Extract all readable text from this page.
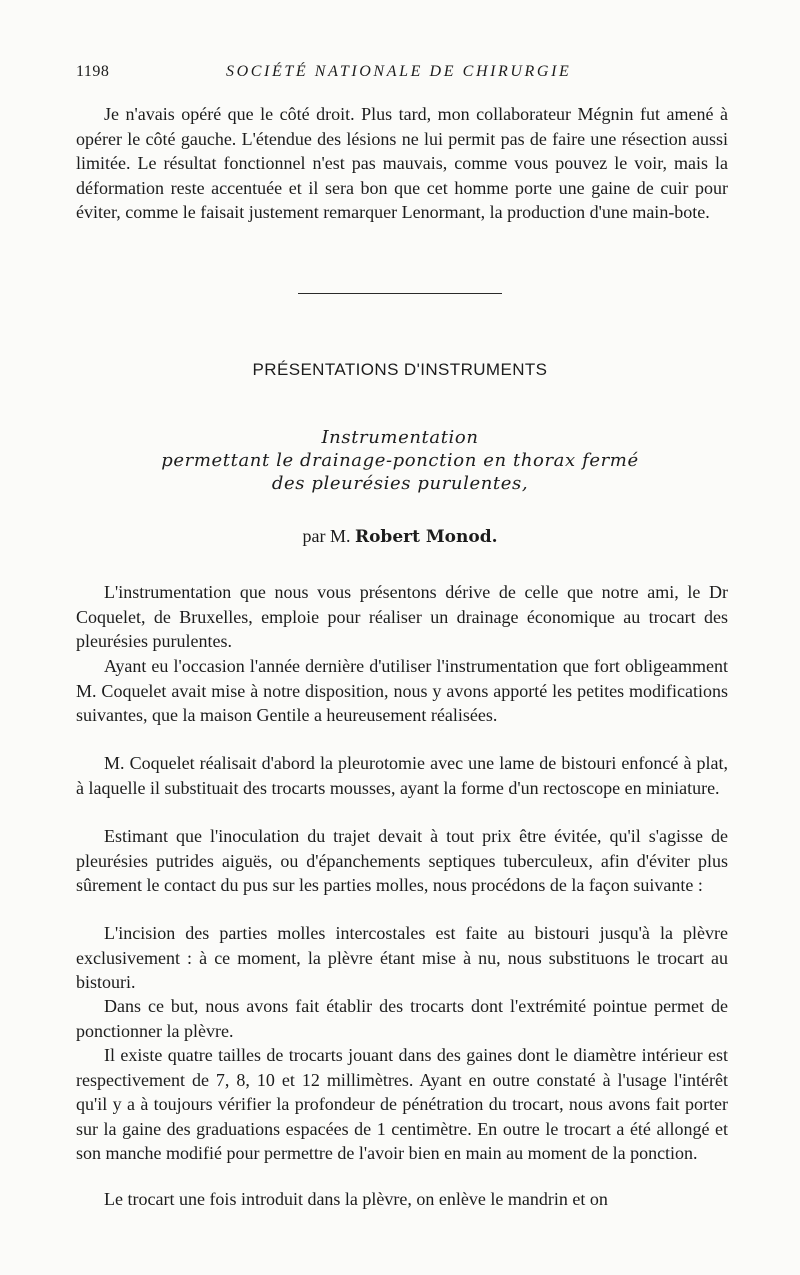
1198	SOCIÉTÉ NATIONALE DE CHIRURGIE

Je n'avais opéré que le côté droit. Plus tard, mon collaborateur Mégnin fut amené à opérer le côté gauche. L'étendue des lésions ne lui permit pas de faire une résection aussi limitée. Le résultat fonctionnel n'est pas mauvais, comme vous pouvez le voir, mais la déformation reste accentuée et il sera bon que cet homme porte une gaine de cuir pour éviter, comme le faisait justement remarquer Lenormant, la production d'une main-bote.

PRÉSENTATIONS D'INSTRUMENTS
Instrumentation
permettant le drainage-ponction en thorax fermé
des pleurésies purulentes,
par M. Robert Monod.

L'instrumentation que nous vous présentons dérive de celle que notre ami, le Dr Coquelet, de Bruxelles, emploie pour réaliser un drainage économique au trocart des pleurésies purulentes.

Ayant eu l'occasion l'année dernière d'utiliser l'instrumentation que fort obligeamment M. Coquelet avait mise à notre disposition, nous y avons apporté les petites modifications suivantes, que la maison Gentile a heureusement réalisées.

M. Coquelet réalisait d'abord la pleurotomie avec une lame de bistouri enfoncé à plat, à laquelle il substituait des trocarts mousses, ayant la forme d'un rectoscope en miniature.

Estimant que l'inoculation du trajet devait à tout prix être évitée, qu'il s'agisse de pleurésies putrides aiguës, ou d'épanchements septiques tuberculeux, afin d'éviter plus sûrement le contact du pus sur les parties molles, nous procédons de la façon suivante :

L'incision des parties molles intercostales est faite au bistouri jusqu'à la plèvre exclusivement : à ce moment, la plèvre étant mise à nu, nous substituons le trocart au bistouri.

Dans ce but, nous avons fait établir des trocarts dont l'extrémité pointue permet de ponctionner la plèvre.

Il existe quatre tailles de trocarts jouant dans des gaines dont le diamètre intérieur est respectivement de 7, 8, 10 et 12 millimètres. Ayant en outre constaté à l'usage l'intérêt qu'il y a à toujours vérifier la profondeur de pénétration du trocart, nous avons fait porter sur la gaine des graduations espacées de 1 centimètre. En outre le trocart a été allongé et son manche modifié pour permettre de l'avoir bien en main au moment de la ponction.

Le trocart une fois introduit dans la plèvre, on enlève le mandrin et on
